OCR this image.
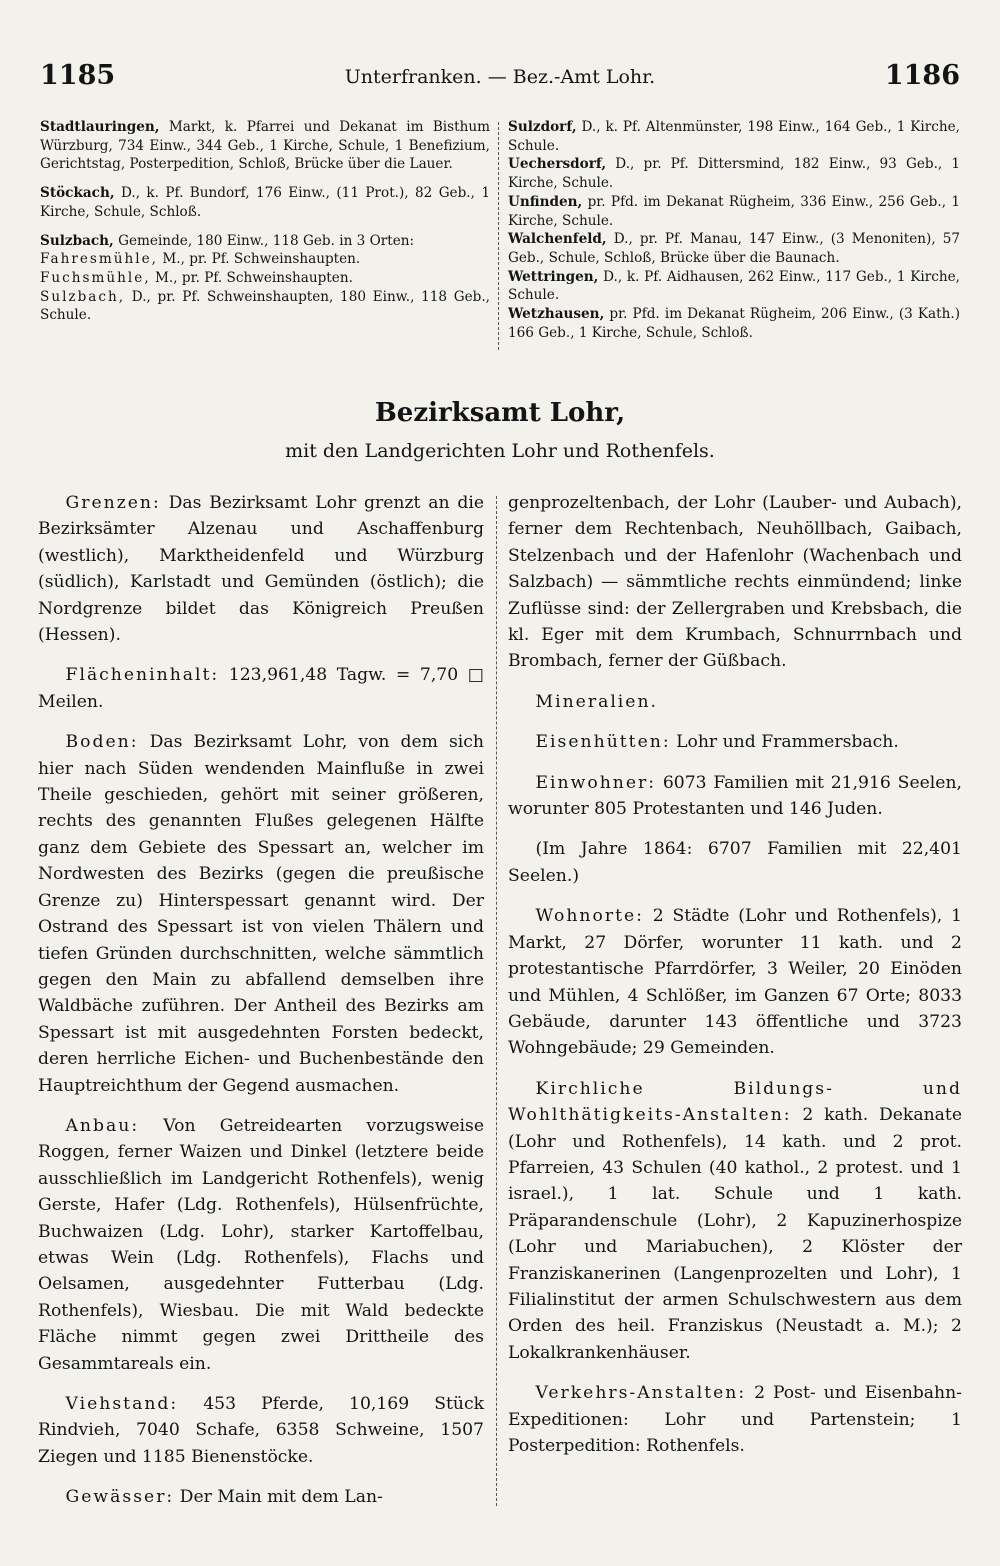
1185	Unterfranken. — Bez.-Amt Lohr.	1186

Stadtlauringen, Markt, k. Pfarrei und Dekanat im Bisthum Würzburg, 734 Einw., 344 Geb., 1 Kirche, Schule, 1 Benefizium, Gerichtstag, Posterpedition, Schloß, Brücke über die Lauer.

Stöckach, D., k. Pf. Bundorf, 176 Einw., (11 Prot.), 82 Geb., 1 Kirche, Schule, Schloß.

Sulzbach, Gemeinde, 180 Einw., 118 Geb. in 3 Orten:

Fahresmühle, M., pr. Pf. Schweinshaupten.

Fuchsmühle, M., pr. Pf. Schweinshaupten.

Sulzbach, D., pr. Pf. Schweinshaupten, 180 Einw., 118 Geb., Schule.

Sulzdorf, D., k. Pf. Altenmünster, 198 Einw., 164 Geb., 1 Kirche, Schule.

Uechersdorf, D., pr. Pf. Dittersmind, 182 Einw., 93 Geb., 1 Kirche, Schule.

Unfinden, pr. Pfd. im Dekanat Rügheim, 336 Einw., 256 Geb., 1 Kirche, Schule.

Walchenfeld, D., pr. Pf. Manau, 147 Einw., (3 Menoniten), 57 Geb., Schule, Schloß, Brücke über die Baunach.

Wettringen, D., k. Pf. Aidhausen, 262 Einw., 117 Geb., 1 Kirche, Schule.

Wetzhausen, pr. Pfd. im Dekanat Rügheim, 206 Einw., (3 Kath.) 166 Geb., 1 Kirche, Schule, Schloß.

Bezirksamt Lohr,
mit den Landgerichten Lohr und Rothenfels.

Grenzen: Das Bezirksamt Lohr grenzt an die Bezirksämter Alzenau und Aschaffenburg (westlich), Marktheidenfeld und Würzburg (südlich), Karlstadt und Gemünden (östlich); die Nordgrenze bildet das Königreich Preußen (Hessen).

Flächeninhalt: 123,961,48 Tagw. = 7,70 □ Meilen.

Boden: Das Bezirksamt Lohr, von dem sich hier nach Süden wendenden Mainfluße in zwei Theile geschieden, gehört mit seiner größeren, rechts des genannten Flußes gelegenen Hälfte ganz dem Gebiete des Spessart an, welcher im Nordwesten des Bezirks (gegen die preußische Grenze zu) Hinterspessart genannt wird. Der Ostrand des Spessart ist von vielen Thälern und tiefen Gründen durchschnitten, welche sämmtlich gegen den Main zu abfallend demselben ihre Waldbäche zuführen. Der Antheil des Bezirks am Spessart ist mit ausgedehnten Forsten bedeckt, deren herrliche Eichen- und Buchenbestände den Hauptreichthum der Gegend ausmachen.

Anbau: Von Getreidearten vorzugsweise Roggen, ferner Waizen und Dinkel (letztere beide ausschließlich im Landgericht Rothenfels), wenig Gerste, Hafer (Ldg. Rothenfels), Hülsenfrüchte, Buchwaizen (Ldg. Lohr), starker Kartoffelbau, etwas Wein (Ldg. Rothenfels), Flachs und Oelsamen, ausgedehnter Futterbau (Ldg. Rothenfels), Wiesbau. Die mit Wald bedeckte Fläche nimmt gegen zwei Drittheile des Gesammtareals ein.

Viehstand: 453 Pferde, 10,169 Stück Rindvieh, 7040 Schafe, 6358 Schweine, 1507 Ziegen und 1185 Bienenstöcke.

Gewässer: Der Main mit dem Lan-

genprozeltenbach, der Lohr (Lauber- und Aubach), ferner dem Rechtenbach, Neuhöllbach, Gaibach, Stelzenbach und der Hafenlohr (Wachenbach und Salzbach) — sämmtliche rechts einmündend; linke Zuflüsse sind: der Zellergraben und Krebsbach, die kl. Eger mit dem Krumbach, Schnurrnbach und Brombach, ferner der Güßbach.

Mineralien.

Eisenhütten: Lohr und Frammersbach.

Einwohner: 6073 Familien mit 21,916 Seelen, worunter 805 Protestanten und 146 Juden.

(Im Jahre 1864: 6707 Familien mit 22,401 Seelen.)

Wohnorte: 2 Städte (Lohr und Rothenfels), 1 Markt, 27 Dörfer, worunter 11 kath. und 2 protestantische Pfarrdörfer, 3 Weiler, 20 Einöden und Mühlen, 4 Schlößer, im Ganzen 67 Orte; 8033 Gebäude, darunter 143 öffentliche und 3723 Wohngebäude; 29 Gemeinden.

Kirchliche Bildungs- und Wohlthätigkeits-Anstalten: 2 kath. Dekanate (Lohr und Rothenfels), 14 kath. und 2 prot. Pfarreien, 43 Schulen (40 kathol., 2 protest. und 1 israel.), 1 lat. Schule und 1 kath. Präparandenschule (Lohr), 2 Kapuzinerhospize (Lohr und Mariabuchen), 2 Klöster der Franziskanerinen (Langenprozelten und Lohr), 1 Filialinstitut der armen Schulschwestern aus dem Orden des heil. Franziskus (Neustadt a. M.); 2 Lokalkrankenhäuser.

Verkehrs-Anstalten: 2 Post- und Eisenbahn-Expeditionen: Lohr und Partenstein; 1 Posterpedition: Rothenfels.
